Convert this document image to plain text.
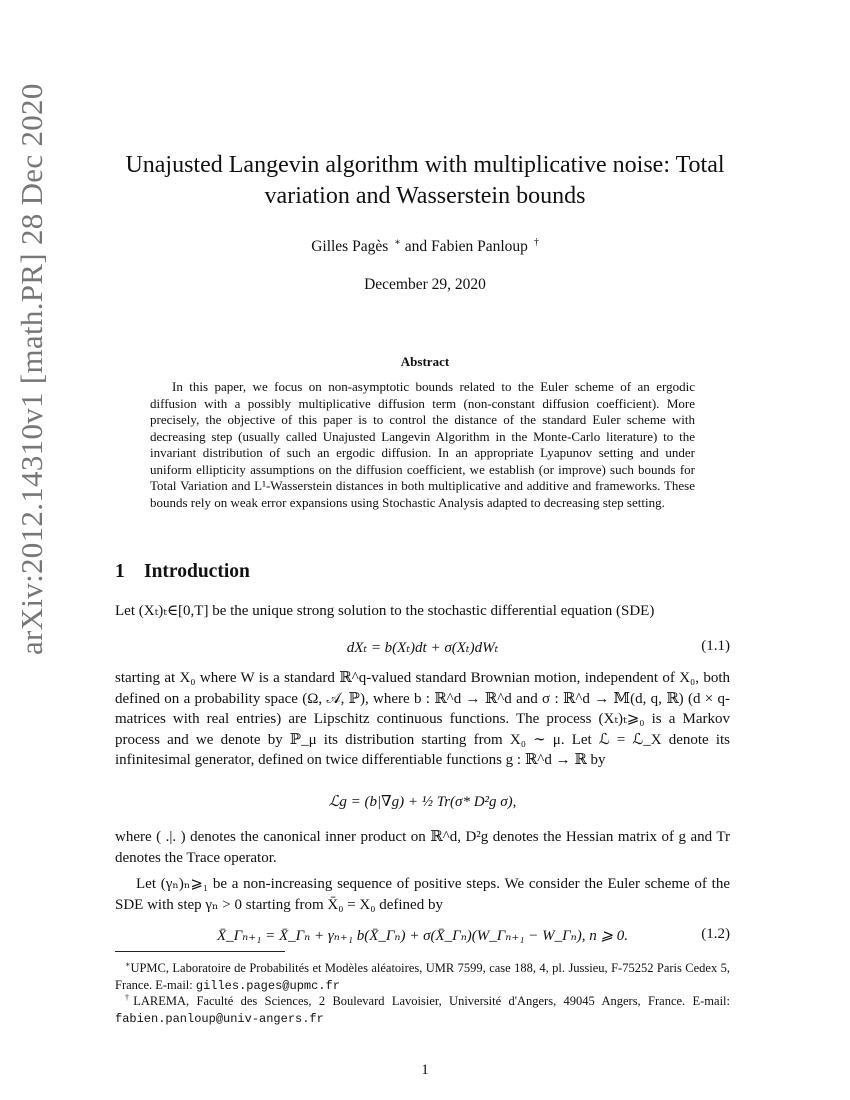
arXiv:2012.14310v1 [math.PR] 28 Dec 2020	Unajusted Langevin algorithm with multiplicative noise: Total
variation and Wasserstein bounds
Gilles Pagès ∗ and Fabien Panloup †
December 29, 2020
Abstract

In this paper, we focus on non-asymptotic bounds related to the Euler scheme of an ergodic diffusion with a possibly multiplicative diffusion term (non-constant diffusion coefficient). More precisely, the objective of this paper is to control the distance of the standard Euler scheme with decreasing step (usually called Unajusted Langevin Algorithm in the Monte-Carlo literature) to the invariant distribution of such an ergodic diffusion. In an appropriate Lyapunov setting and under uniform ellipticity assumptions on the diffusion coefficient, we establish (or improve) such bounds for Total Variation and L¹-Wasserstein distances in both multiplicative and additive and frameworks. These bounds rely on weak error expansions using Stochastic Analysis adapted to decreasing step setting.

1 Introduction

Let (Xₜ)ₜ∈[0,T] be the unique strong solution to the stochastic differential equation (SDE)

dXₜ = b(Xₜ)dt + σ(Xₜ)dWₜ	(1.1)

starting at X₀ where W is a standard ℝ^q-valued standard Brownian motion, independent of X₀, both defined on a probability space (Ω, 𝒜, ℙ), where b : ℝ^d → ℝ^d and σ : ℝ^d → 𝕄(d, q, ℝ) (d × q-matrices with real entries) are Lipschitz continuous functions. The process (Xₜ)ₜ⩾₀ is a Markov process and we denote by ℙ_μ its distribution starting from X₀ ∼ μ. Let ℒ = ℒ_X denote its infinitesimal generator, defined on twice differentiable functions g : ℝ^d → ℝ by

ℒg = (b|∇g) + ½ Tr(σ* D²g σ),

where ( .|. ) denotes the canonical inner product on ℝ^d, D²g denotes the Hessian matrix of g and Tr denotes the Trace operator.

Let (γₙ)ₙ⩾₁ be a non-increasing sequence of positive steps. We consider the Euler scheme of the SDE with step γₙ > 0 starting from X̄₀ = X₀ defined by

X̄_Γₙ₊₁ = X̄_Γₙ + γₙ₊₁ b(X̄_Γₙ) + σ(X̄_Γₙ)(W_Γₙ₊₁ − W_Γₙ), n ⩾ 0.	(1.2)

∗UPMC, Laboratoire de Probabilités et Modèles aléatoires, UMR 7599, case 188, 4, pl. Jussieu, F-75252 Paris Cedex 5, France. E-mail: gilles.pages@upmc.fr

†LAREMA, Faculté des Sciences, 2 Boulevard Lavoisier, Université d'Angers, 49045 Angers, France. E-mail: fabien.panloup@univ-angers.fr

1
